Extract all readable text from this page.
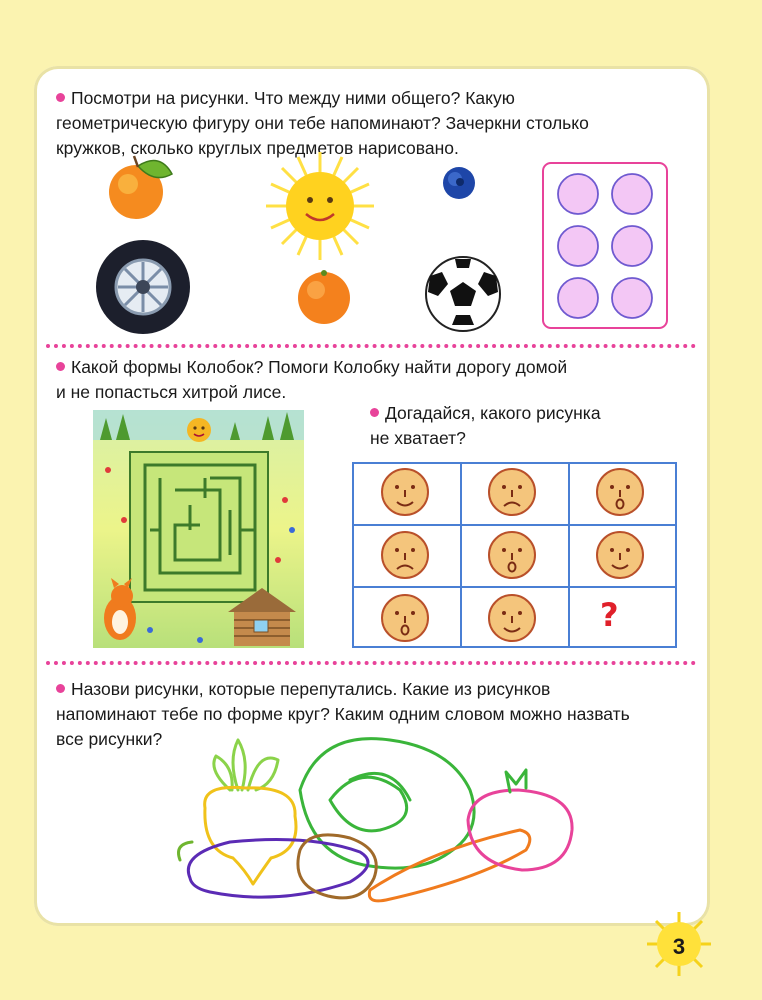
Посмотри на рисунки. Что между ними общего? Какую
геометрическую фигуру они тебе напоминают? Зачеркни столько
кружков, сколько круглых предметов нарисовано.

Какой формы Колобок? Помоги Колобку найти дорогу домой
и не попасться хитрой лисе.

Догадайся, какого рисунка
не хватает?

?

Назови рисунки, которые перепутались. Какие из рисунков
напоминают тебе по форме круг? Каким одним словом можно назвать
все рисунки?

3
